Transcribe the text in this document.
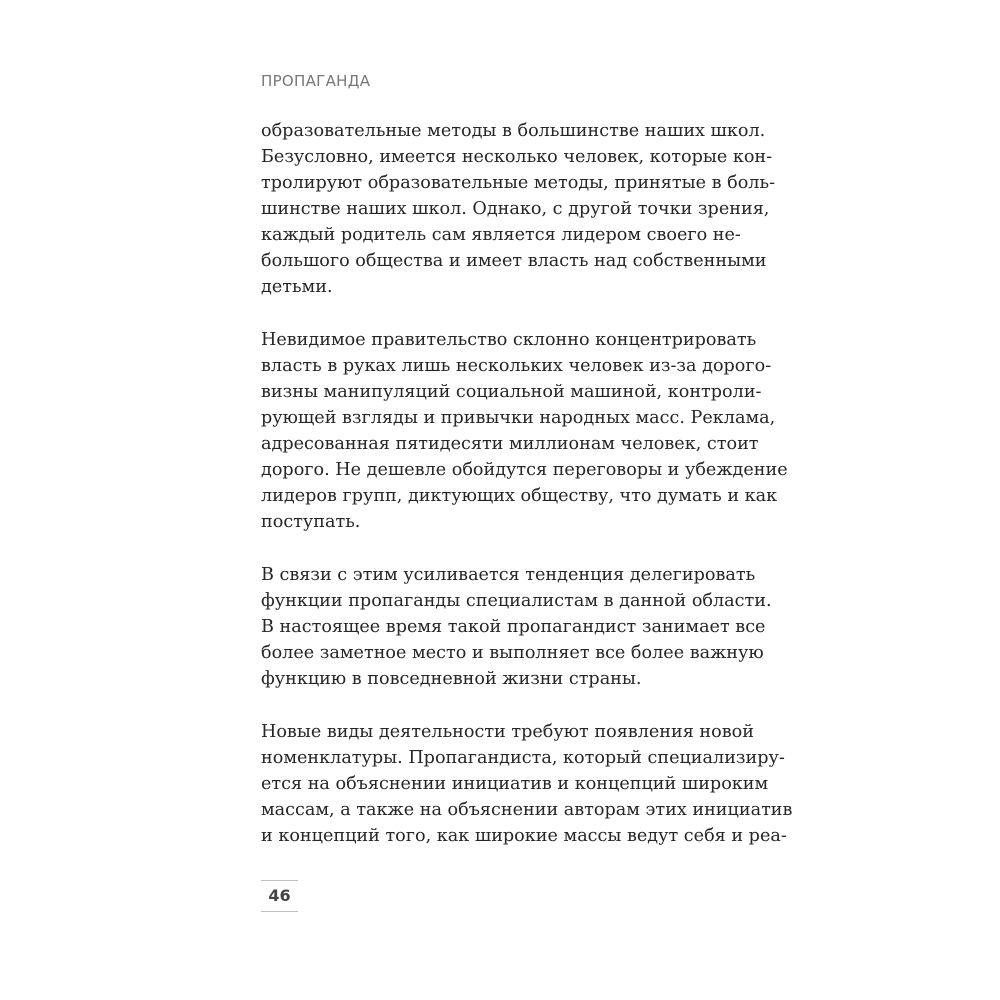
ПРОПАГАНДА
образовательные методы в большинстве наших школ.
Безусловно, имеется несколько человек, которые кон-
тролируют образовательные методы, принятые в боль-
шинстве наших школ. Однако, с другой точки зрения,
каждый родитель сам является лидером своего не-
большого общества и имеет власть над собственными
детьми.
Невидимое правительство склонно концентрировать
власть в руках лишь нескольких человек из-за дорого-
визны манипуляций социальной машиной, контроли-
рующей взгляды и привычки народных масс. Реклама,
адресованная пятидесяти миллионам человек, стоит
дорого. Не дешевле обойдутся переговоры и убеждение
лидеров групп, диктующих обществу, что думать и как
поступать.
В связи с этим усиливается тенденция делегировать
функции пропаганды специалистам в данной области.
В настоящее время такой пропагандист занимает все
более заметное место и выполняет все более важную
функцию в повседневной жизни страны.
Новые виды деятельности требуют появления новой
номенклатуры. Пропагандиста, который специализиру-
ется на объяснении инициатив и концепций широким
массам, а также на объяснении авторам этих инициатив
и концепций того, как широкие массы ведут себя и реа-
46
